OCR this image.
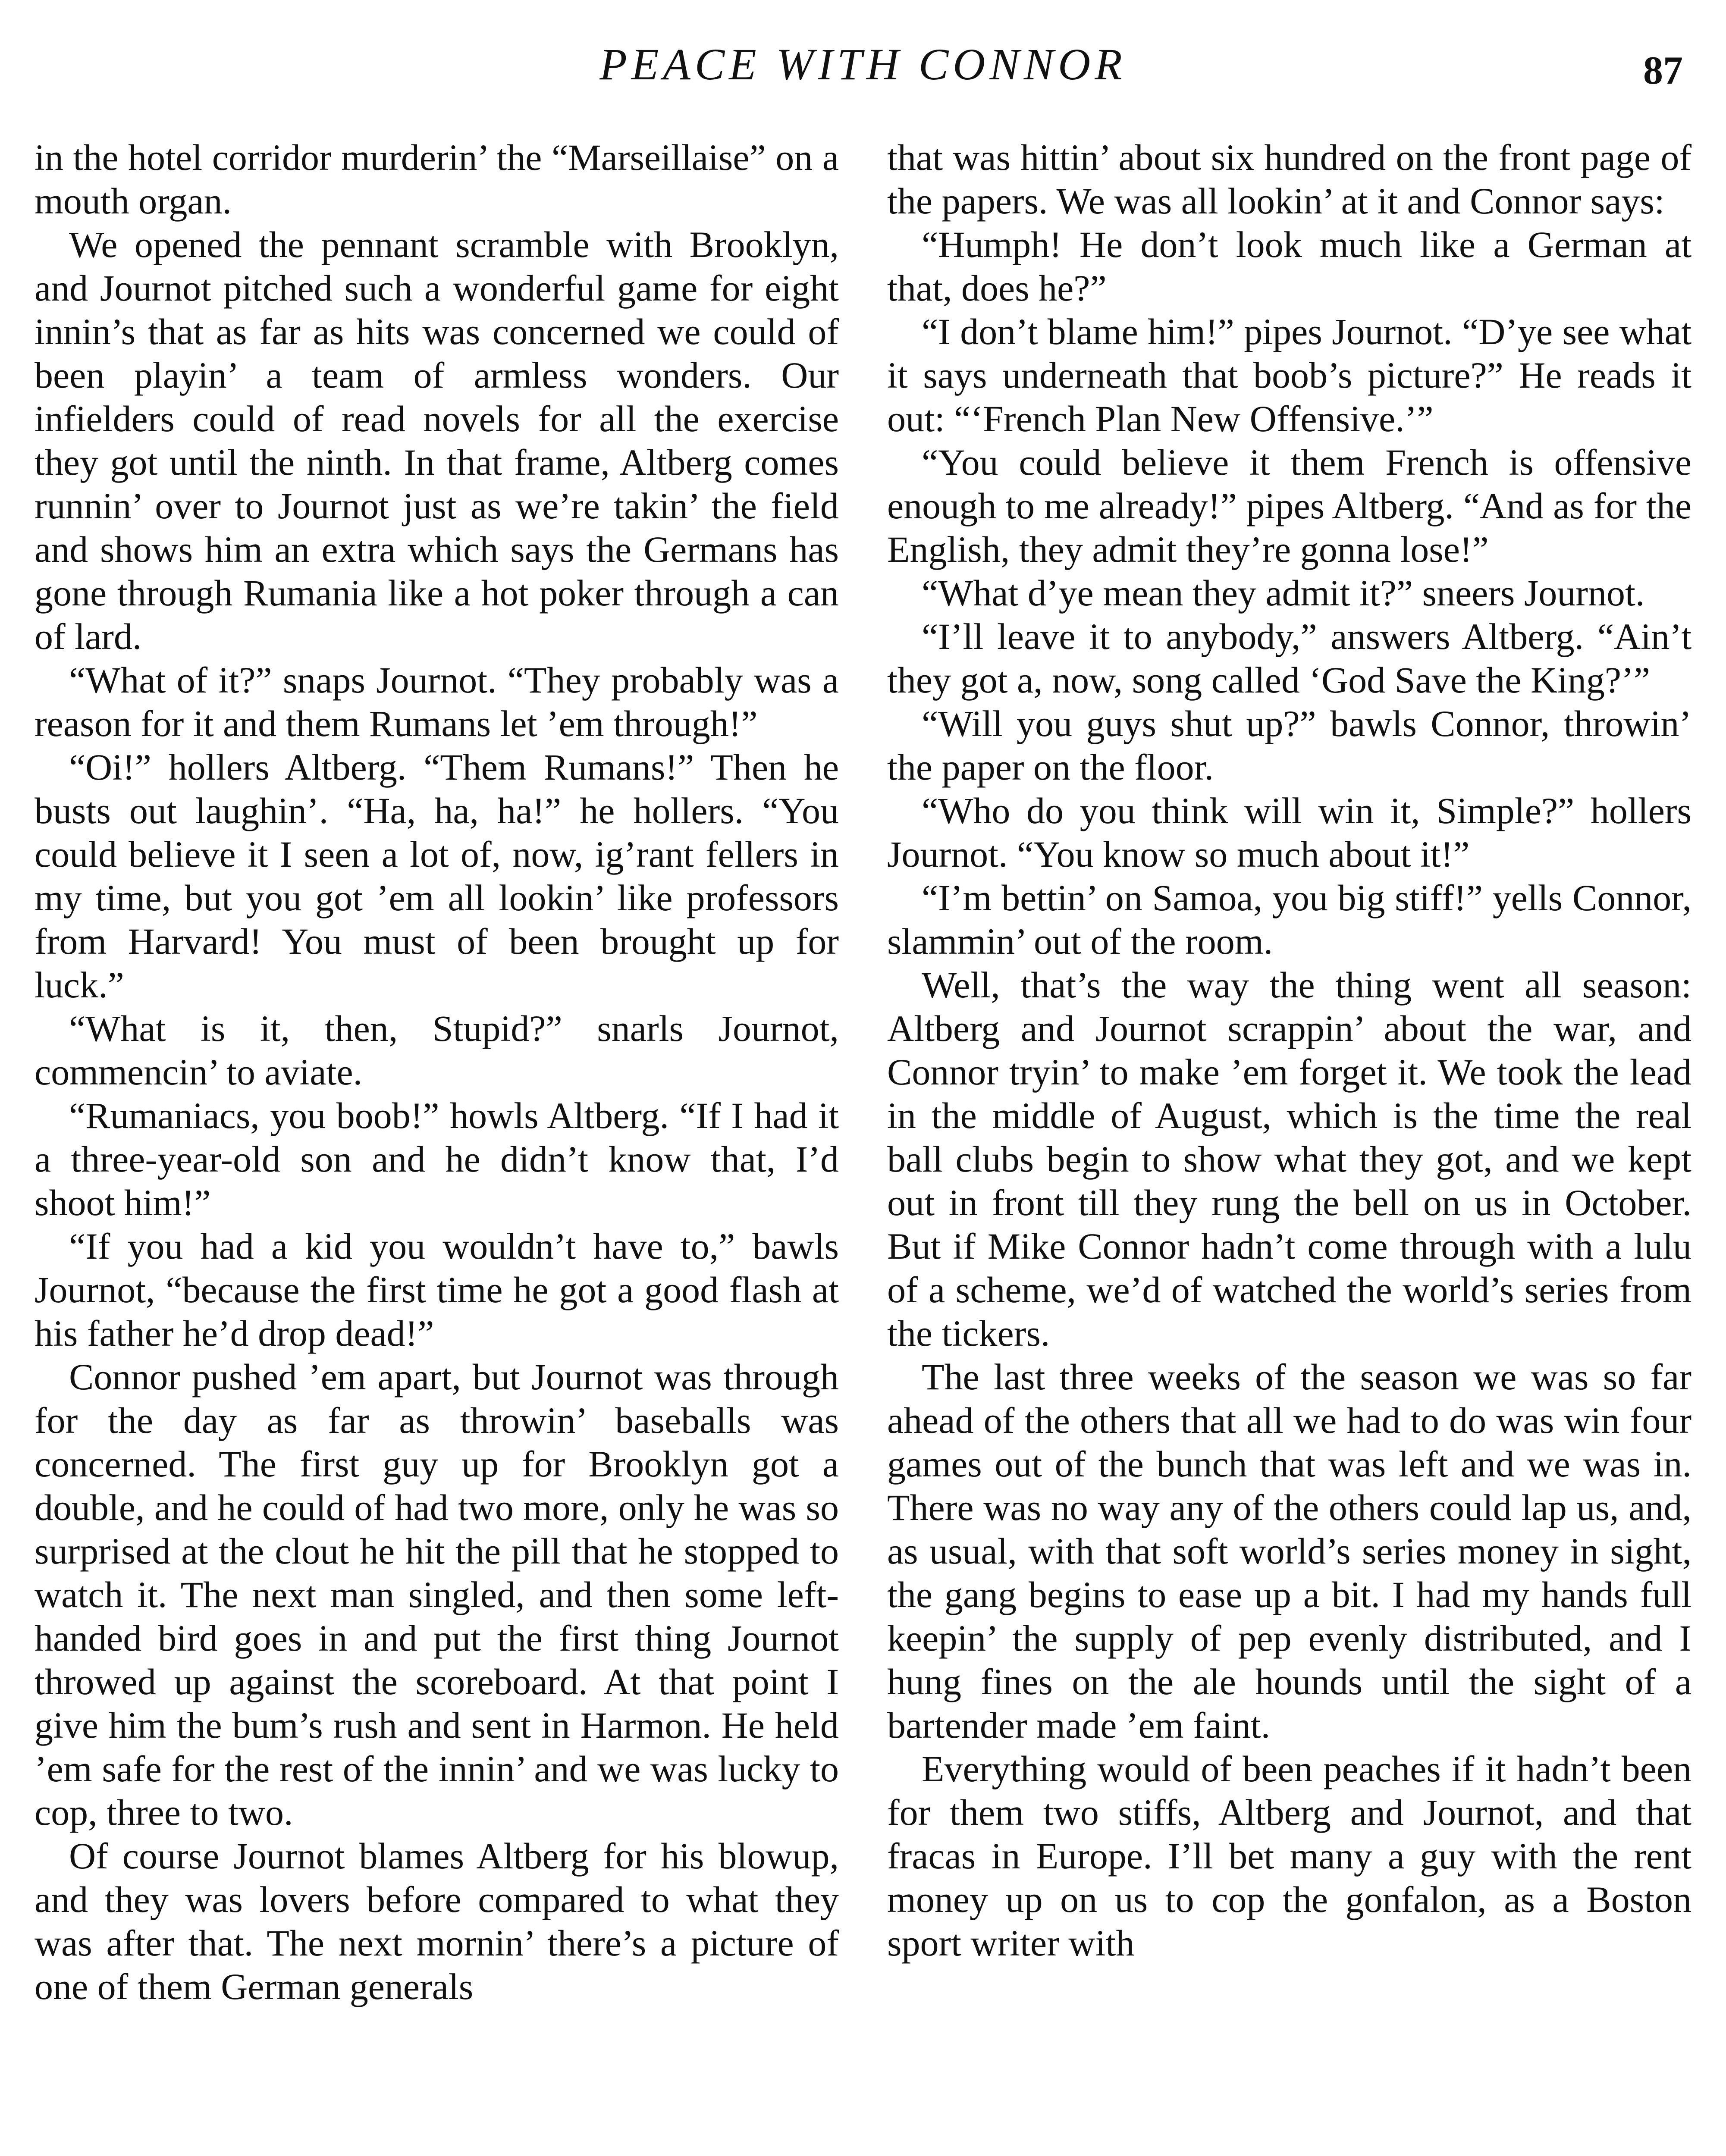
PEACE WITH CONNOR	87

in the hotel corridor murderin’ the “Marseillaise” on a mouth organ.

We opened the pennant scramble with Brooklyn, and Journot pitched such a wonderful game for eight innin’s that as far as hits was concerned we could of been playin’ a team of armless wonders. Our infielders could of read novels for all the exercise they got until the ninth. In that frame, Altberg comes runnin’ over to Journot just as we’re takin’ the field and shows him an extra which says the Germans has gone through Rumania like a hot poker through a can of lard.

“What of it?” snaps Journot. “They probably was a reason for it and them Rumans let ’em through!”

“Oi!” hollers Altberg. “Them Rumans!” Then he busts out laughin’. “Ha, ha, ha!” he hollers. “You could believe it I seen a lot of, now, ig’rant fellers in my time, but you got ’em all lookin’ like professors from Harvard! You must of been brought up for luck.”

“What is it, then, Stupid?” snarls Journot, commencin’ to aviate.

“Rumaniacs, you boob!” howls Altberg. “If I had it a three-year-old son and he didn’t know that, I’d shoot him!”

“If you had a kid you wouldn’t have to,” bawls Journot, “because the first time he got a good flash at his father he’d drop dead!”

Connor pushed ’em apart, but Journot was through for the day as far as throwin’ baseballs was concerned. The first guy up for Brooklyn got a double, and he could of had two more, only he was so surprised at the clout he hit the pill that he stopped to watch it. The next man singled, and then some left-handed bird goes in and put the first thing Journot throwed up against the scoreboard. At that point I give him the bum’s rush and sent in Harmon. He held ’em safe for the rest of the innin’ and we was lucky to cop, three to two.

Of course Journot blames Altberg for his blowup, and they was lovers before compared to what they was after that. The next mornin’ there’s a picture of one of them German generals

that was hittin’ about six hundred on the front page of the papers. We was all lookin’ at it and Connor says:

“Humph! He don’t look much like a German at that, does he?”

“I don’t blame him!” pipes Journot. “D’ye see what it says underneath that boob’s picture?” He reads it out: “‘French Plan New Offensive.’”

“You could believe it them French is offensive enough to me already!” pipes Altberg. “And as for the English, they admit they’re gonna lose!”

“What d’ye mean they admit it?” sneers Journot.

“I’ll leave it to anybody,” answers Altberg. “Ain’t they got a, now, song called ‘God Save the King?’”

“Will you guys shut up?” bawls Connor, throwin’ the paper on the floor.

“Who do you think will win it, Simple?” hollers Journot. “You know so much about it!”

“I’m bettin’ on Samoa, you big stiff!” yells Connor, slammin’ out of the room.

Well, that’s the way the thing went all season: Altberg and Journot scrappin’ about the war, and Connor tryin’ to make ’em forget it. We took the lead in the middle of August, which is the time the real ball clubs begin to show what they got, and we kept out in front till they rung the bell on us in October. But if Mike Connor hadn’t come through with a lulu of a scheme, we’d of watched the world’s series from the tickers.

The last three weeks of the season we was so far ahead of the others that all we had to do was win four games out of the bunch that was left and we was in. There was no way any of the others could lap us, and, as usual, with that soft world’s series money in sight, the gang begins to ease up a bit. I had my hands full keepin’ the supply of pep evenly distributed, and I hung fines on the ale hounds until the sight of a bartender made ’em faint.

Everything would of been peaches if it hadn’t been for them two stiffs, Altberg and Journot, and that fracas in Europe. I’ll bet many a guy with the rent money up on us to cop the gonfalon, as a Boston sport writer with
